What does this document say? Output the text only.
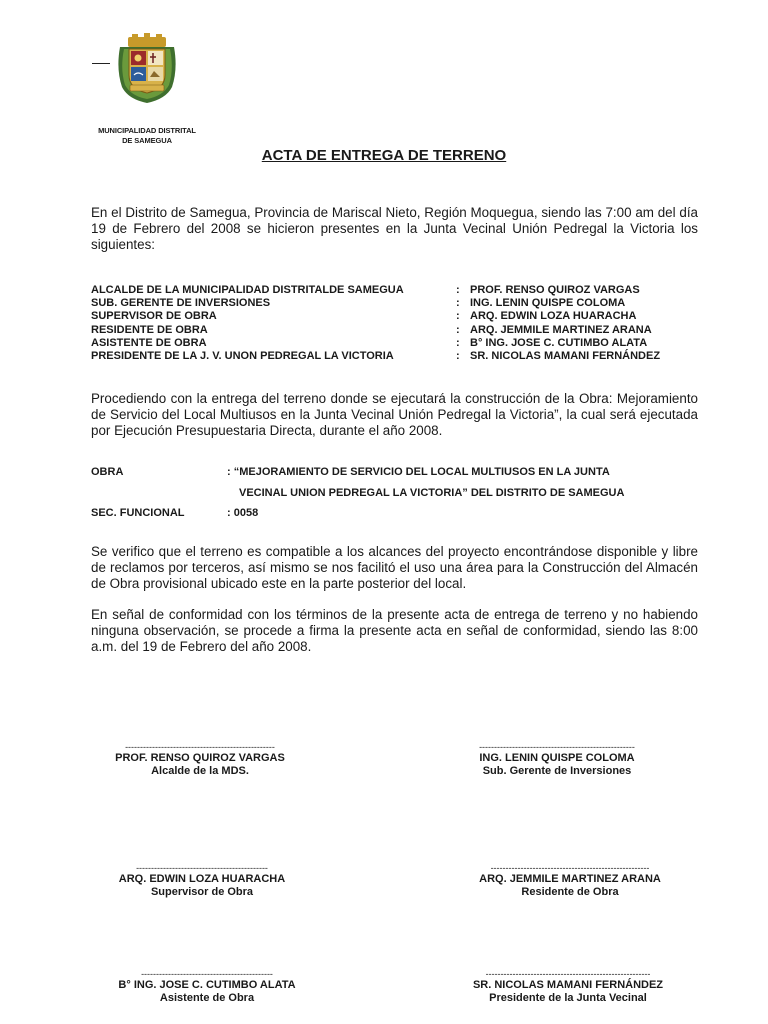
MUNICIPALIDAD DISTRITAL
DE SAMEGUA
ACTA DE ENTREGA DE TERRENO
En el Distrito de Samegua, Provincia de Mariscal Nieto, Región Moquegua, siendo las 7:00 am del día 19 de Febrero del 2008 se hicieron presentes en la Junta Vecinal Unión Pedregal la Victoria los siguientes:
ALCALDE DE LA MUNICIPALIDAD DISTRITALDE SAMEGUA	: PROF. RENSO QUIROZ VARGAS
SUB. GERENTE DE INVERSIONES	: ING. LENIN QUISPE COLOMA
SUPERVISOR DE OBRA	: ARQ. EDWIN LOZA HUARACHA
RESIDENTE DE OBRA	: ARQ. JEMMILE MARTINEZ ARANA
ASISTENTE DE OBRA	: B° ING. JOSE C. CUTIMBO ALATA
PRESIDENTE DE LA J. V. UNON PEDREGAL LA VICTORIA	: SR. NICOLAS MAMANI FERNÁNDEZ
Procediendo con la entrega del terreno donde se ejecutará la construcción de la Obra: Mejoramiento de Servicio del Local Multiusos en la Junta Vecinal Unión Pedregal la Victoria”, la cual será ejecutada por Ejecución Presupuestaria Directa, durante el año 2008.
OBRA	: “MEJORAMIENTO DE SERVICIO DEL LOCAL MULTIUSOS EN LA JUNTA
VECINAL UNION PEDREGAL LA VICTORIA” DEL DISTRITO DE SAMEGUA
SEC. FUNCIONAL	: 0058
Se verifico que el terreno es compatible a los alcances del proyecto encontrándose disponible y libre de reclamos por terceros, así mismo se nos facilitó el uso una área para la Construcción del Almacén de Obra provisional ubicado este en la parte posterior del local.
En señal de conformidad con los términos de la presente acta de entrega de terreno y no habiendo ninguna observación, se procede a firma la presente acta en señal de conformidad, siendo las 8:00 a.m. del 19 de Febrero del año 2008.
--------------------------------------------------
PROF. RENSO QUIROZ VARGAS
Alcalde de la MDS.
----------------------------------------------------
ING. LENIN QUISPE COLOMA
Sub. Gerente de Inversiones
--------------------------------------------
ARQ. EDWIN LOZA HUARACHA
Supervisor de Obra
-----------------------------------------------------
ARQ. JEMMILE MARTINEZ ARANA
Residente de Obra
--------------------------------------------
B° ING. JOSE C. CUTIMBO ALATA
Asistente de Obra
-------------------------------------------------------
SR. NICOLAS MAMANI FERNÁNDEZ
Presidente de la Junta Vecinal
